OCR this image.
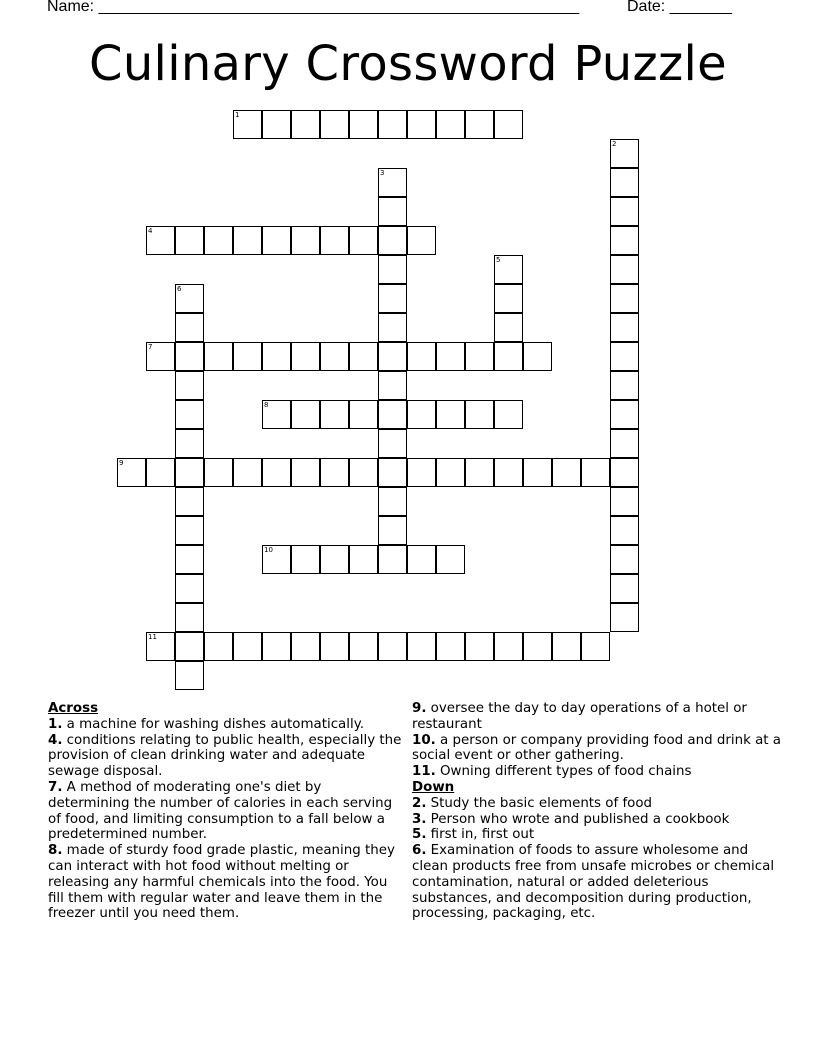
Name: ______________________________________________________	Date: _______
Culinary Crossword Puzzle
1
2
3
4
5
6
7
8
9
10
11
Across
1. a machine for washing dishes automatically.
4. conditions relating to public health, especially the provision of clean drinking water and adequate sewage disposal.
7. A method of moderating one's diet by determining the number of calories in each serving of food, and limiting consumption to a fall below a predetermined number.
8. made of sturdy food grade plastic, meaning they can interact with hot food without melting or releasing any harmful chemicals into the food. You fill them with regular water and leave them in the freezer until you need them.
9. oversee the day to day operations of a hotel or restaurant
10. a person or company providing food and drink at a social event or other gathering.
11. Owning different types of food chains
Down
2. Study the basic elements of food
3. Person who wrote and published a cookbook
5. first in, first out
6. Examination of foods to assure wholesome and clean products free from unsafe microbes or chemical contamination, natural or added deleterious substances, and decomposition during production, processing, packaging, etc.
